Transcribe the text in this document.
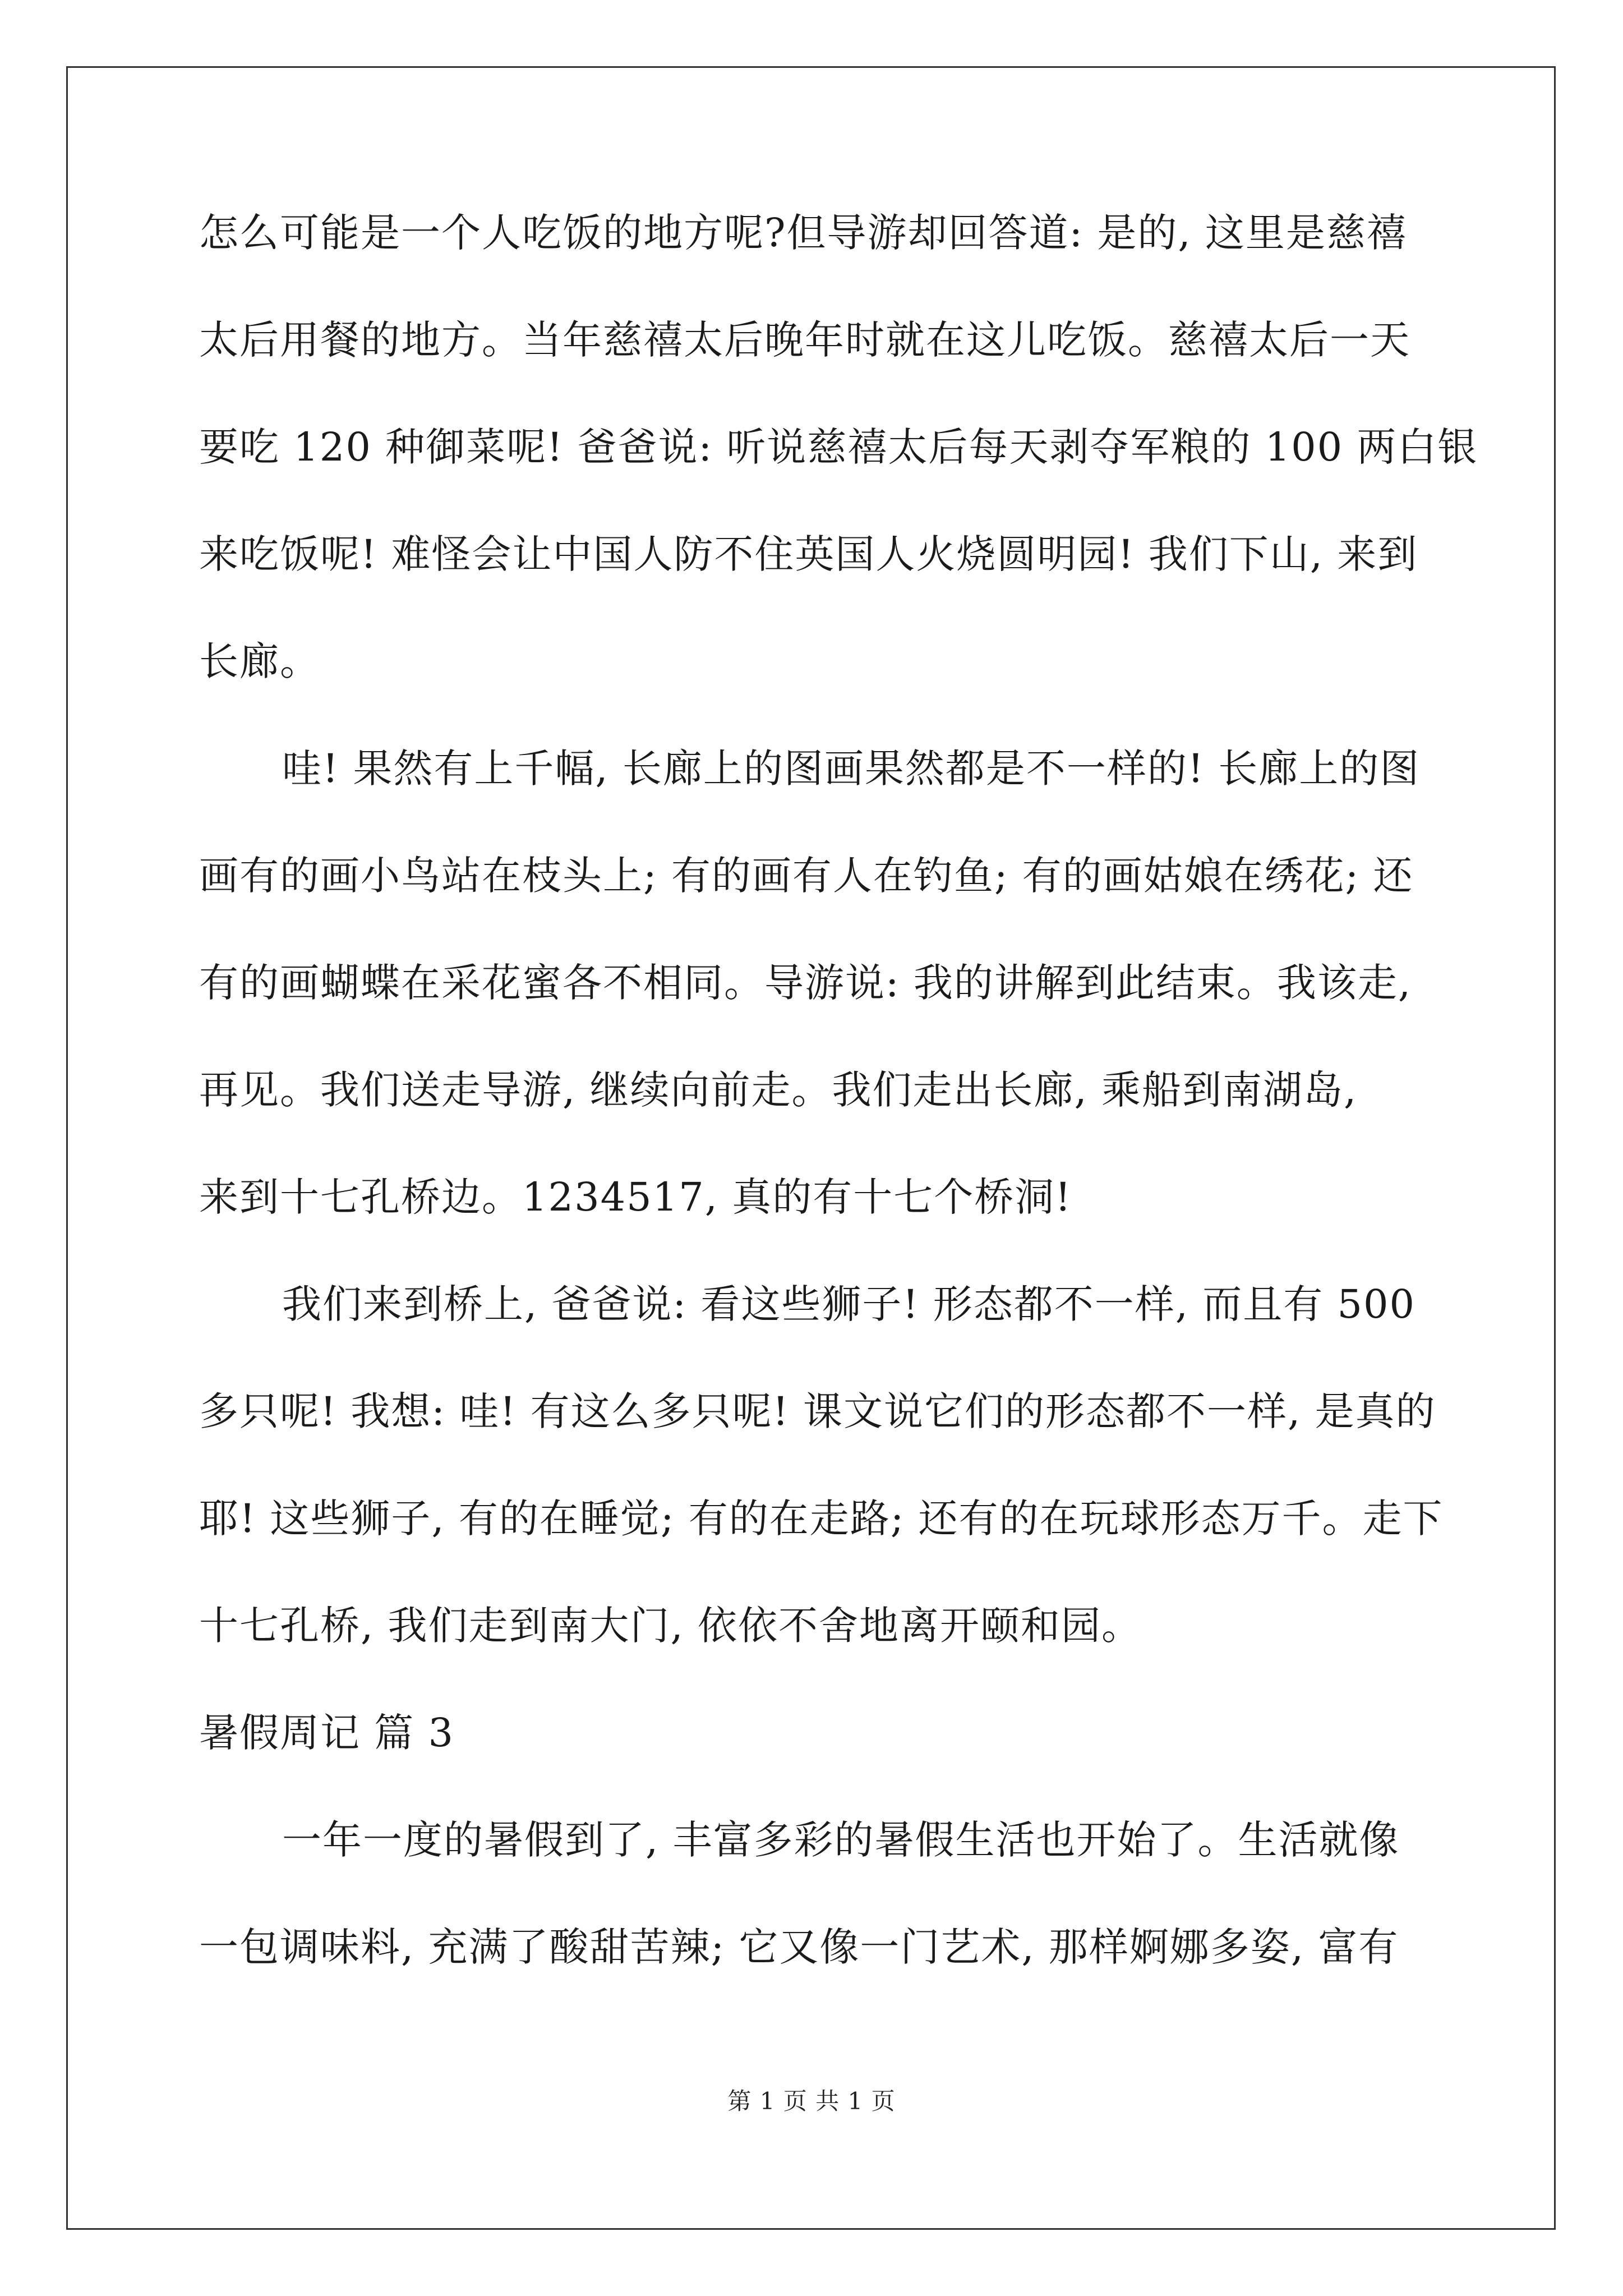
怎么可能是一个人吃饭的地方呢?但导游却回答道: 是的, 这里是慈禧
太后用餐的地方。当年慈禧太后晚年时就在这儿吃饭。慈禧太后一天
要吃 120 种御菜呢! 爸爸说: 听说慈禧太后每天剥夺军粮的 100 两白银
来吃饭呢! 难怪会让中国人防不住英国人火烧圆明园! 我们下山, 来到
长廊。
哇! 果然有上千幅, 长廊上的图画果然都是不一样的! 长廊上的图
画有的画小鸟站在枝头上; 有的画有人在钓鱼; 有的画姑娘在绣花; 还
有的画蝴蝶在采花蜜各不相同。导游说: 我的讲解到此结束。我该走,
再见。我们送走导游, 继续向前走。我们走出长廊, 乘船到南湖岛,
来到十七孔桥边。1234517, 真的有十七个桥洞!
我们来到桥上, 爸爸说: 看这些狮子! 形态都不一样, 而且有 500
多只呢! 我想: 哇! 有这么多只呢! 课文说它们的形态都不一样, 是真的
耶! 这些狮子, 有的在睡觉; 有的在走路; 还有的在玩球形态万千。走下
十七孔桥, 我们走到南大门, 依依不舍地离开颐和园。
暑假周记 篇 3
一年一度的暑假到了, 丰富多彩的暑假生活也开始了。生活就像
一包调味料, 充满了酸甜苦辣; 它又像一门艺术, 那样婀娜多姿, 富有
第 1 页 共 1 页
